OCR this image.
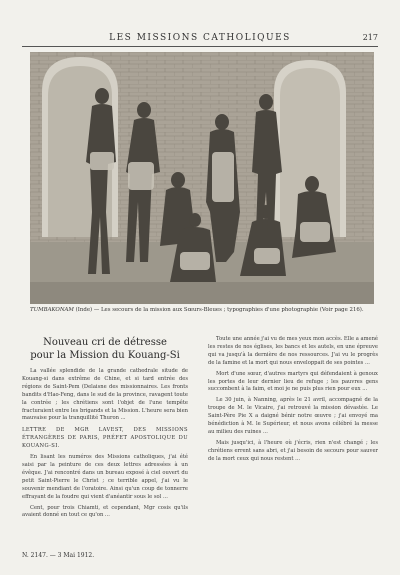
LES MISSIONS CATHOLIQUES	217
TUMBAKONAM (Inde) — Les secours de la mission aux Sœurs-Bleues ; typographies d'une photographie (Voir page 216).
Nouveau cri de détresse
pour la Mission du Kouang-Si

La vallée splendide de la grande cathedrale situde de Kouang-si dans extrême de Chine, et si tard entrée des régions de Saint-Pem (Delaisne des missionnaires. Les fronts bandits d'Hao-Feng, dans le sud de la province, ravagent toute la contrée ; les chrétiens sont l'objet de l'une tempête fracturaient entre les brigands et la Mission. L'heure sera bien mauvaise pour la tranquillité Thuron ...

LETTRE DE MGR LAVEST, DES MISSIONS ÉTRANGÈRES DE PARIS, PRÉFET APOSTOLIQUE DU KOUANG-SI.

En lisant les numéros des Missions catholiques, j'ai été saisi par la peinture de ces deux lettres adressées à un évêque. J'ai rencontré dans un bureau exposé à ciel ouvert du petit Saint-Pierre le Christ ; ce terrible appel, j'ai vu le souvenir mendiant de l'oratoire. Ainsi qu'un coup de tonnerre effrayant de la foudre qui vient d'anéantir sous le sol ...

Cent, pour trois Chiamti, et cependant, Mgr cosis qu'ils avaient donné en tout ce qu'on ...

Toute une année j'ai vu de mes yeux mon accès. Elle a amené les restes de nos églises, les bancs et les autels, en une épreuve qui va jusqu'à la dernière de nos ressources. J'ai vu le progrès de la famine et la mort qui nous enveloppait de ses pointes ...

Mort d'une sœur, d'autres martyrs qui défendaient à genoux les portes de leur dernier lieu de refuge ; les pauvres gens succombent à la faim, et moi je ne puis plus rien pour eux ...

Le 30 juin, à Nanning, après le 21 avril, accompagné de la troupe de M. le Vicaire, j'ai retrouvé la mission dévastée. Le Saint-Père Pie X a daigné bénir notre œuvre ; j'ai envoyé ma bénédiction à M. le Supérieur, et nous avons célébré la messe au milieu des ruines ...

Mais jusqu'ici, à l'heure où j'écris, rien n'est changé ; les chrétiens errent sans abri, et j'ai besoin de secours pour sauver de la mort ceux qui nous restent ...

N. 2147. — 3 Mai 1912.
